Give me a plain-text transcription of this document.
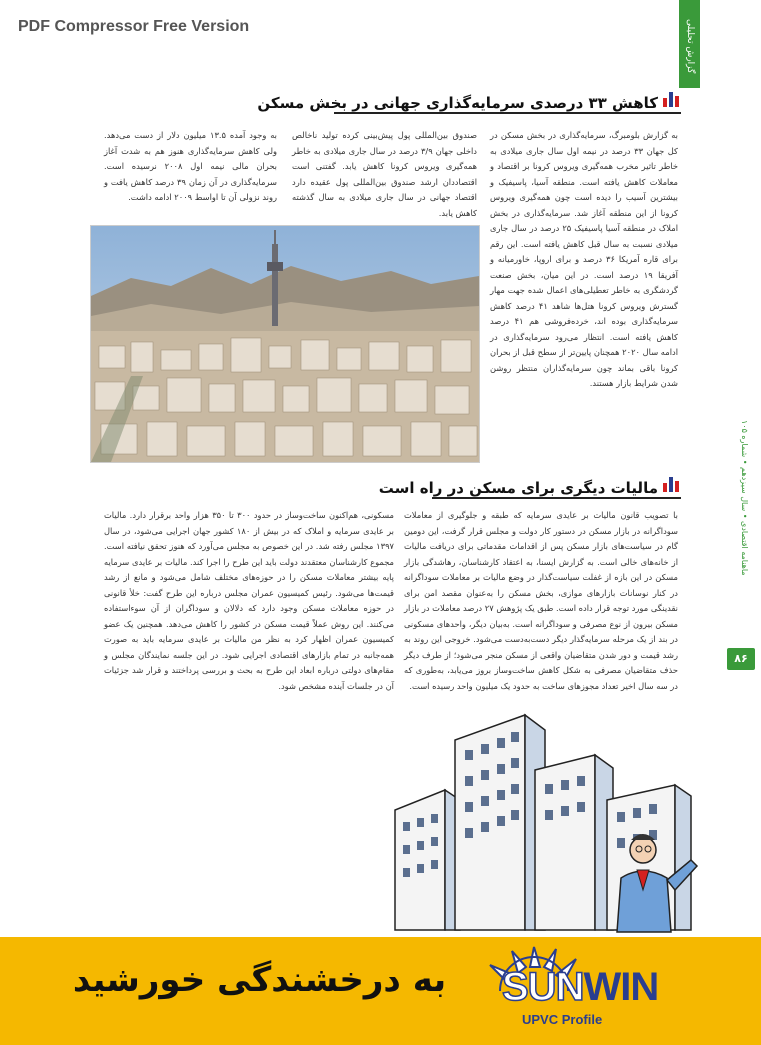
PDF Compressor Free Version	گزارش تحلیلی اقتصادی
کاهش ۳۳ درصدی سرمایه‌گذاری جهانی در بخش مسکن
به وجود آمده ۱۳.۵ میلیون دلار از دست می‌دهد. ولی کاهش سرمایه‌گذاری هنوز هم به شدت آغاز بحران مالی نیمه اول ۲۰۰۸ نرسیده است. سرمایه‌گذاری در آن زمان ۳۹ درصد کاهش یافت و روند نزولی آن تا اواسط ۲۰۰۹ ادامه داشت.
صندوق بین‌المللی پول پیش‌بینی کرده تولید ناخالص داخلی جهان ۳/۹ درصد در سال جاری میلادی به خاطر همه‌گیری ویروس کرونا کاهش یابد. گفتنی است اقتصاددان ارشد صندوق بین‌المللی پول عقیده دارد اقتصاد جهانی در سال جاری میلادی به سال گذشته کاهش یابد.
به گزارش بلومبرگ، سرمایه‌گذاری در بخش مسکن در کل جهان ۳۳ درصد در نیمه اول سال جاری میلادی به خاطر تاثیر مخرب همه‌گیری ویروس کرونا بر اقتصاد و معاملات کاهش یافته است. منطقه آسیا، پاسیفیک و بیشترین آسیب را دیده است چون همه‌گیری ویروس کرونا از این منطقه آغاز شد. سرمایه‌گذاری در بخش املاک در منطقه آسیا پاسیفیک ۲۵ درصد در سال جاری میلادی نسبت به سال قبل کاهش یافته است. این رقم برای قاره آمریکا ۳۶ درصد و برای اروپا، خاورمیانه و آفریقا ۱۹ درصد است. در این میان، بخش صنعت گردشگری به خاطر تعطیلی‌های اعمال شده جهت مهار گسترش ویروس کرونا هتل‌ها شاهد ۴۱ درصد کاهش سرمایه‌گذاری بوده اند، خرده‌فروشی هم ۴۱ درصد کاهش یافته است. انتظار می‌رود سرمایه‌گذاری در ادامه سال ۲۰۲۰ همچنان پایین‌تر از سطح قبل از بحران کرونا باقی بماند چون سرمایه‌گذاران منتظر روشن شدن شرایط بازار هستند.
مالیات دیگری برای مسکن در راه است
مسکونی، هم‌اکنون ساخت‌وساز در حدود ۳۰۰ تا ۳۵۰ هزار واحد برقرار دارد. مالیات بر عایدی سرمایه و املاک که در بیش از ۱۸۰ کشور جهان اجرایی می‌شود، در سال ۱۳۹۷ مجلس رفته شد. در این خصوص به مجلس می‌آورد که هنوز تحقق نیافته است. مجموع کارشناسان معتقدند دولت باید این طرح را اجرا کند. مالیات بر عایدی سرمایه پایه بیشتر معاملات مسکن را در حوزه‌های مختلف شامل می‌شود و مانع از رشد قیمت‌ها می‌شود. رئیس کمیسیون عمران مجلس درباره این طرح گفت: خلأ قانونی در حوزه معاملات مسکن وجود دارد که دلالان و سوداگران از آن سوءاستفاده می‌کنند. این روش عملاً قیمت مسکن در کشور را کاهش می‌دهد. همچنین یک عضو کمیسیون عمران اظهار کرد به نظر من مالیات بر عایدی سرمایه باید به صورت همه‌جانبه در تمام بازارهای اقتصادی اجرایی شود. در این جلسه نمایندگان مجلس و مقام‌های دولتی درباره ابعاد این طرح به بحث و بررسی پرداختند و قرار شد جزئیات آن در جلسات آینده مشخص شود.
با تصویب قانون مالیات بر عایدی سرمایه که طبقه و جلوگیری از معاملات سوداگرانه در بازار مسکن در دستور کار دولت و مجلس قرار گرفت، این دومین گام در سیاست‌های بازار مسکن پس از اقدامات مقدماتی برای دریافت مالیات از خانه‌های خالی است. به گزارش ایسنا، به اعتقاد کارشناسان، رهاشدگی بازار مسکن در این بازه از غفلت سیاست‌گذار در وضع مالیات بر معاملات سوداگرانه در کنار نوسانات بازارهای موازی، بخش مسکن را به‌عنوان مقصد امن برای نقدینگی مورد توجه قرار داده است. طبق یک پژوهش ۲۷ درصد معاملات در بازار مسکن بیرون از نوع مصرفی و سوداگرانه است. به‌بیان دیگر، واحدهای مسکونی در بند از یک مرحله سرمایه‌گذار دیگر دست‌به‌دست می‌شود. خروجی این روند به رشد قیمت و دور شدن متقاضیان واقعی از مسکن منجر می‌شود؛ از طرف دیگر حذف متقاضیان مصرفی به شکل کاهش ساخت‌وساز بروز می‌یابد، به‌طوری که در سه سال اخیر تعداد مجوزهای ساخت به حدود یک میلیون واحد رسیده است.
ماهنامه اقتصادی • سال سیزدهم • شماره ۱۰۵
۸۶
به درخشندگی خورشید SUNWIN
UPVC Profile
